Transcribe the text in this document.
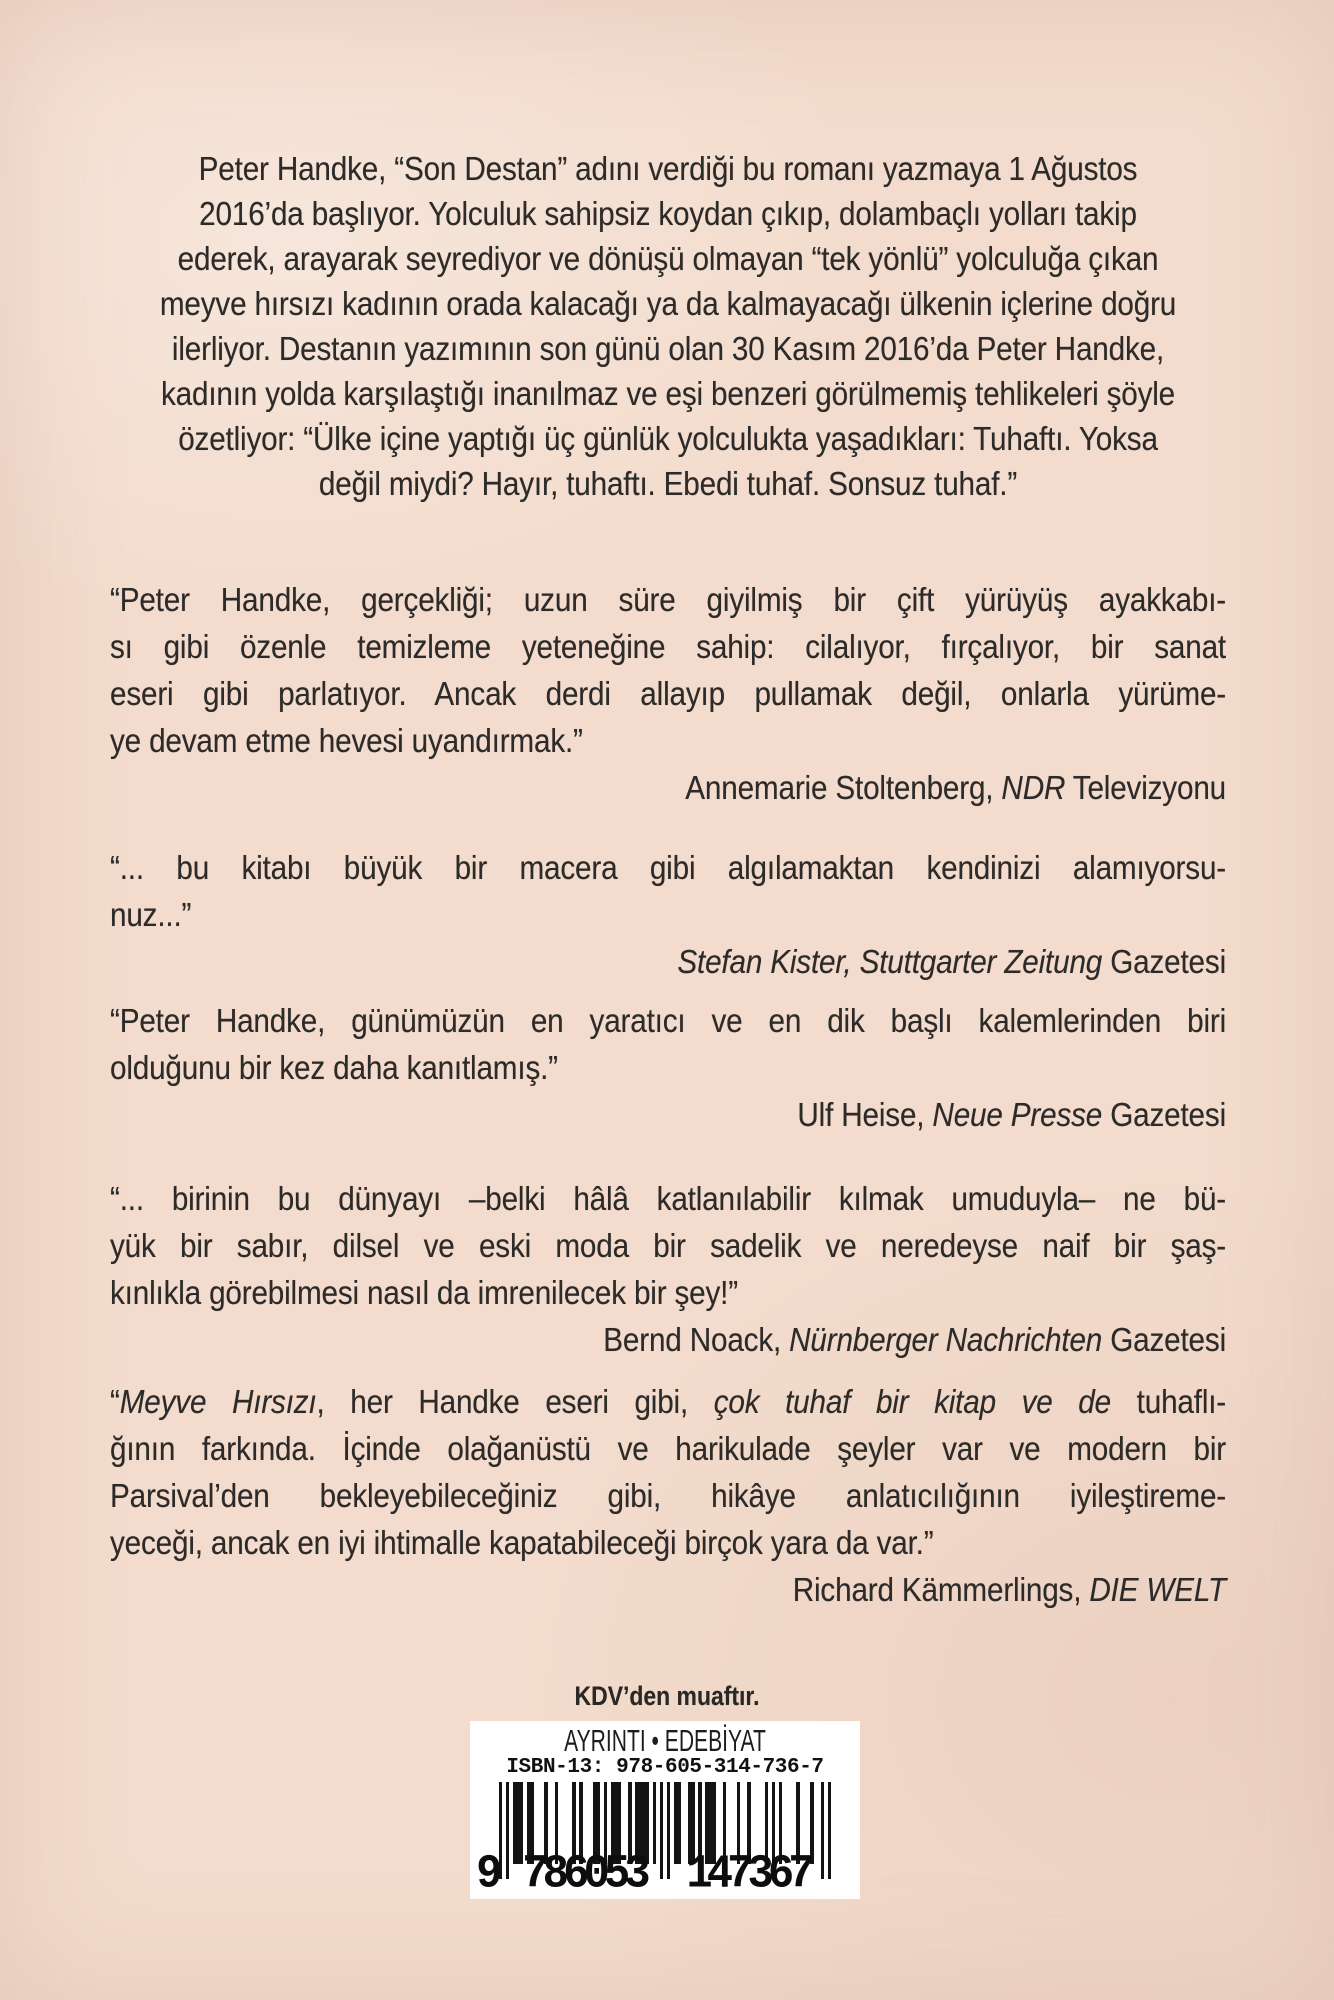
Peter Handke, “Son Destan” adını verdiği bu romanı yazmaya 1 Ağustos
2016’da başlıyor. Yolculuk sahipsiz koydan çıkıp, dolambaçlı yolları takip
ederek, arayarak seyrediyor ve dönüşü olmayan “tek yönlü” yolculuğa çıkan
meyve hırsızı kadının orada kalacağı ya da kalmayacağı ülkenin içlerine doğru
ilerliyor. Destanın yazımının son günü olan 30 Kasım 2016’da Peter Handke,
kadının yolda karşılaştığı inanılmaz ve eşi benzeri görülmemiş tehlikeleri şöyle
özetliyor: “Ülke içine yaptığı üç günlük yolculukta yaşadıkları: Tuhaftı. Yoksa
değil miydi? Hayır, tuhaftı. Ebedi tuhaf. Sonsuz tuhaf.”
“Peter Handke, gerçekliği; uzun süre giyilmiş bir çift yürüyüş ayakkabı-
sı gibi özenle temizleme yeteneğine sahip: cilalıyor, fırçalıyor, bir sanat
eseri gibi parlatıyor. Ancak derdi allayıp pullamak değil, onlarla yürüme-
ye devam etme hevesi uyandırmak.”
Annemarie Stoltenberg, NDR Televizyonu
“... bu kitabı büyük bir macera gibi algılamaktan kendinizi alamıyorsu-
nuz...”
Stefan Kister, Stuttgarter Zeitung Gazetesi
“Peter Handke, günümüzün en yaratıcı ve en dik başlı kalemlerinden biri
olduğunu bir kez daha kanıtlamış.”
Ulf Heise, Neue Presse Gazetesi
“... birinin bu dünyayı –belki hâlâ katlanılabilir kılmak umuduyla– ne bü-
yük bir sabır, dilsel ve eski moda bir sadelik ve neredeyse naif bir şaş-
kınlıkla görebilmesi nasıl da imrenilecek bir şey!”
Bernd Noack, Nürnberger Nachrichten Gazetesi
“Meyve Hırsızı, her Handke eseri gibi, çok tuhaf bir kitap ve de tuhaflı-
ğının farkında. İçinde olağanüstü ve harikulade şeyler var ve modern bir
Parsival’den bekleyebileceğiniz gibi, hikâye anlatıcılığının iyileştireme-
yeceği, ancak en iyi ihtimalle kapatabileceği birçok yara da var.”
Richard Kämmerlings, DIE WELT
KDV’den muaftır.
AYRINTI • EDEBİYAT
ISBN-13: 978-605-314-736-7
9 786053 147367
